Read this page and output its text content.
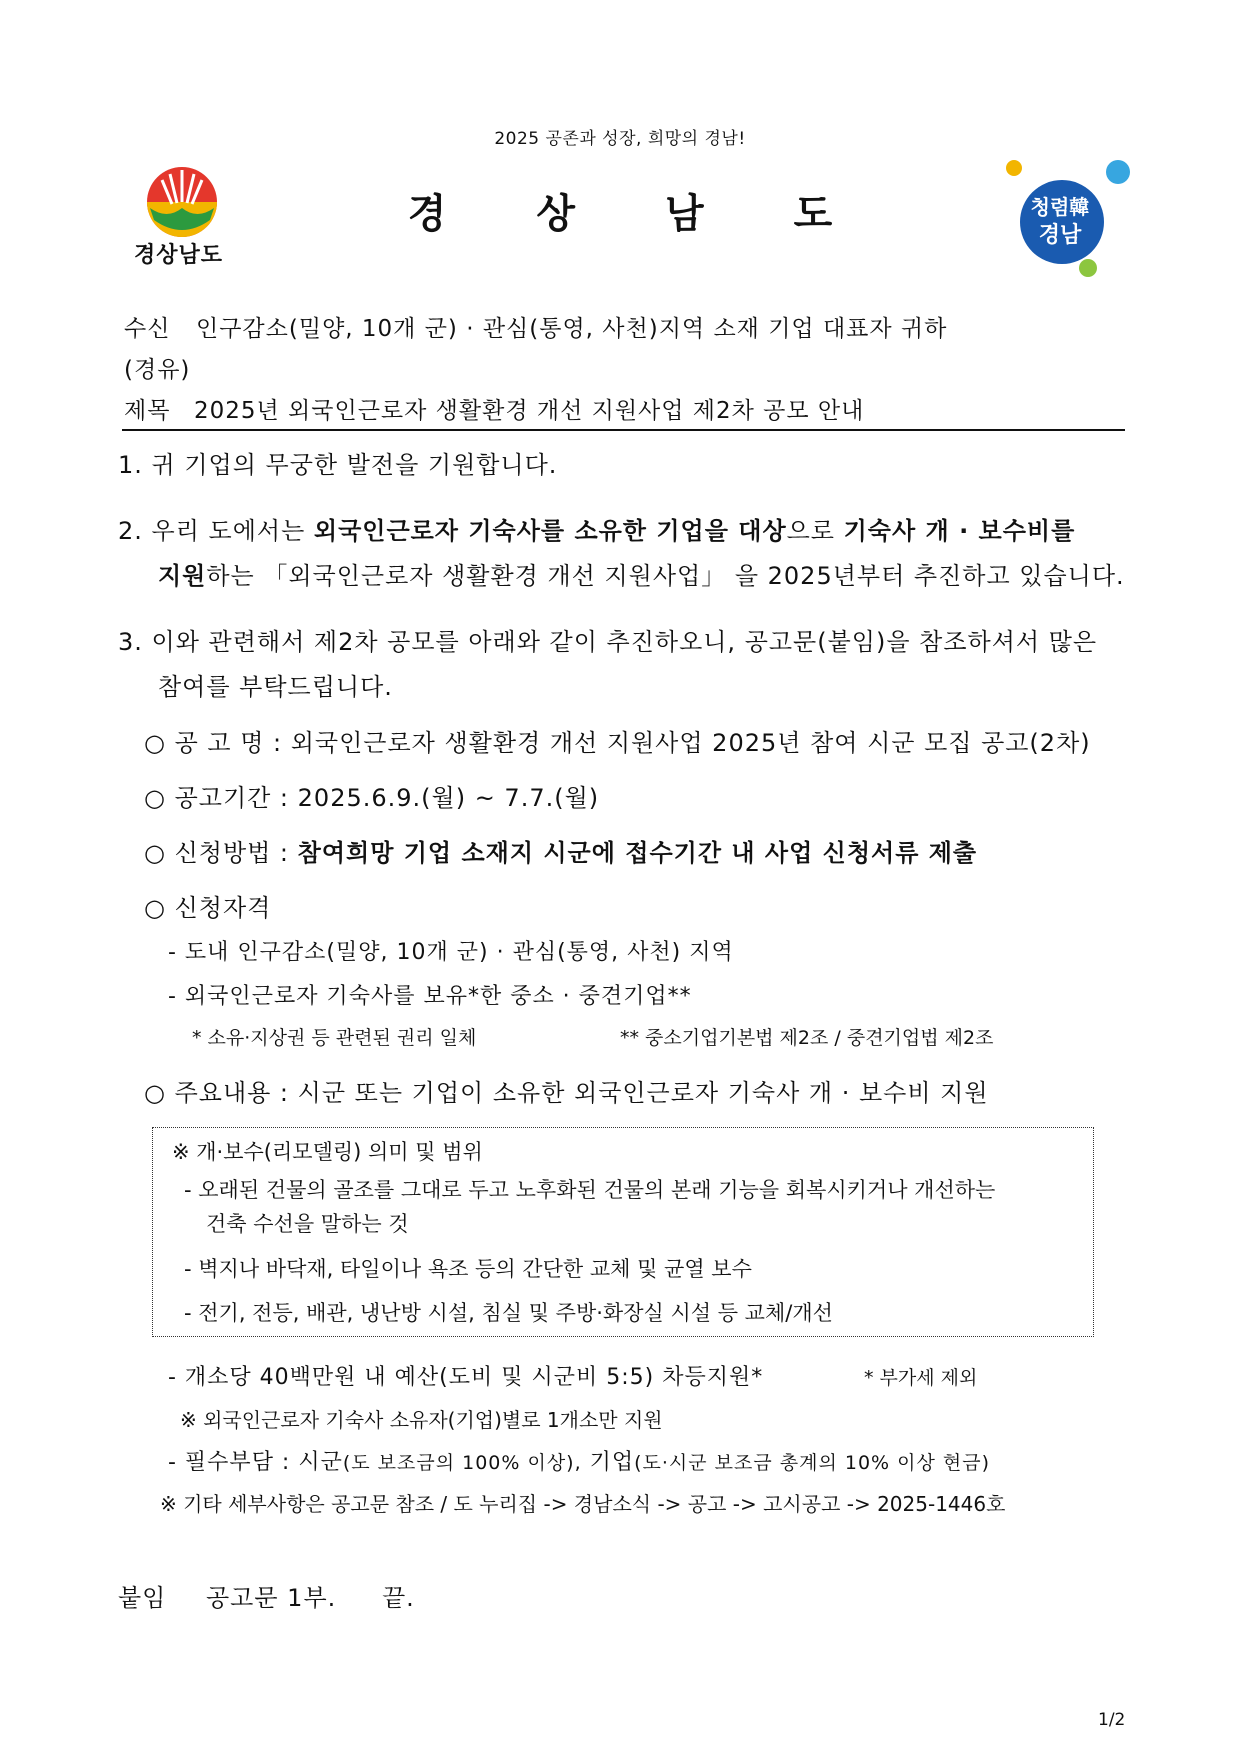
2025 공존과 성장, 희망의 경남!
경상남도
경 상 남 도	청렴韓
경남
수신 인구감소(밀양, 10개 군) · 관심(통영, 사천)지역 소재 기업 대표자 귀하
(경유)
제목 2025년 외국인근로자 생활환경 개선 지원사업 제2차 공모 안내
1. 귀 기업의 무궁한 발전을 기원합니다.
2. 우리 도에서는 외국인근로자 기숙사를 소유한 기업을 대상으로 기숙사 개 · 보수비를
지원하는 「외국인근로자 생활환경 개선 지원사업」 을 2025년부터 추진하고 있습니다.
3. 이와 관련해서 제2차 공모를 아래와 같이 추진하오니, 공고문(붙임)을 참조하셔서 많은
참여를 부탁드립니다.
○ 공 고 명 : 외국인근로자 생활환경 개선 지원사업 2025년 참여 시군 모집 공고(2차)
○ 공고기간 : 2025.6.9.(월) ~ 7.7.(월)
○ 신청방법 : 참여희망 기업 소재지 시군에 접수기간 내 사업 신청서류 제출
○ 신청자격
- 도내 인구감소(밀양, 10개 군) · 관심(통영, 사천) 지역
- 외국인근로자 기숙사를 보유*한 중소 · 중견기업**
* 소유·지상권 등 관련된 권리 일체	** 중소기업기본법 제2조 / 중견기업법 제2조
○ 주요내용 : 시군 또는 기업이 소유한 외국인근로자 기숙사 개 · 보수비 지원
※ 개·보수(리모델링) 의미 및 범위
- 오래된 건물의 골조를 그대로 두고 노후화된 건물의 본래 기능을 회복시키거나 개선하는
건축 수선을 말하는 것
- 벽지나 바닥재, 타일이나 욕조 등의 간단한 교체 및 균열 보수
- 전기, 전등, 배관, 냉난방 시설, 침실 및 주방·화장실 시설 등 교체/개선
- 개소당 40백만원 내 예산(도비 및 시군비 5:5) 차등지원*	* 부가세 제외
※ 외국인근로자 기숙사 소유자(기업)별로 1개소만 지원
- 필수부담 : 시군(도 보조금의 100% 이상), 기업(도·시군 보조금 총계의 10% 이상 현금)
※ 기타 세부사항은 공고문 참조 / 도 누리집 -> 경남소식 -> 공고 -> 고시공고 -> 2025-1446호
붙임 공고문 1부. 끝.
1/2
